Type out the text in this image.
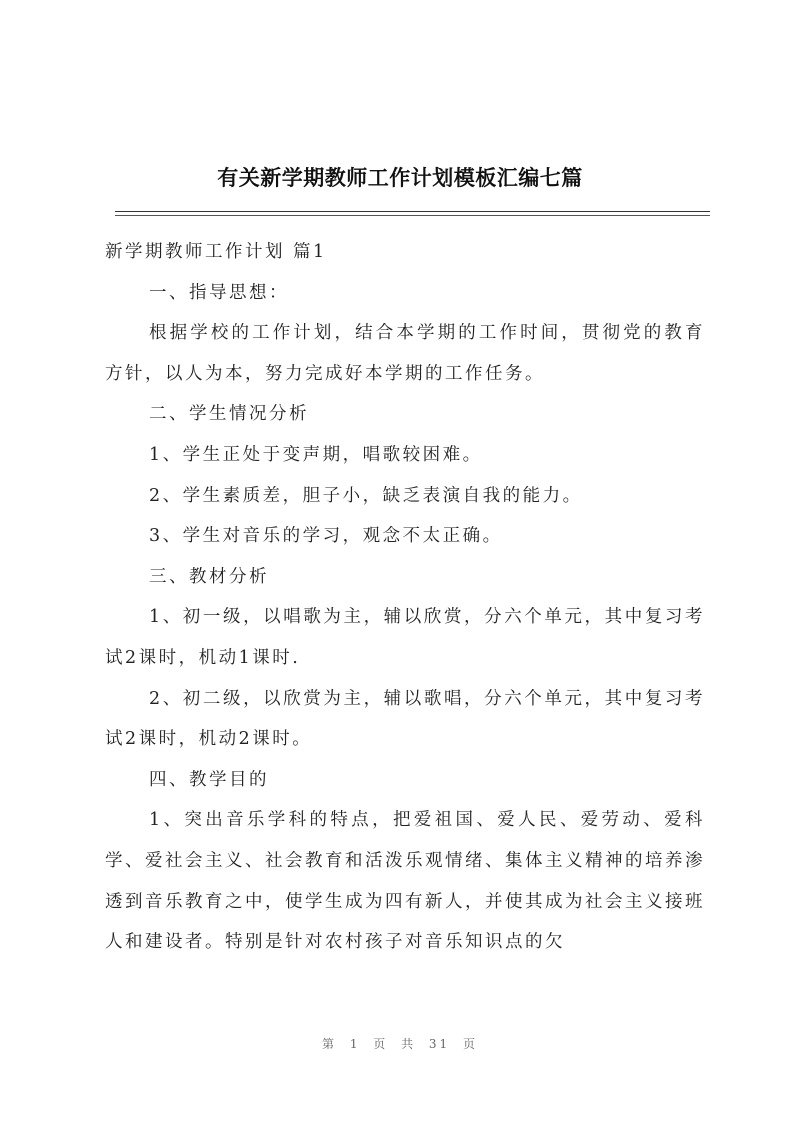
有关新学期教师工作计划模板汇编七篇

新学期教师工作计划 篇1

一、指导思想：

根据学校的工作计划，结合本学期的工作时间，贯彻党的教育方针，以人为本，努力完成好本学期的工作任务。

二、学生情况分析

1、学生正处于变声期，唱歌较困难。

2、学生素质差，胆子小，缺乏表演自我的能力。

3、学生对音乐的学习，观念不太正确。

三、教材分析

1、初一级，以唱歌为主，辅以欣赏，分六个单元，其中复习考试2课时，机动1课时.

2、初二级，以欣赏为主，辅以歌唱，分六个单元，其中复习考试2课时，机动2课时。

四、教学目的

1、突出音乐学科的特点，把爱祖国、爱人民、爱劳动、爱科学、爱社会主义、社会教育和活泼乐观情绪、集体主义精神的培养渗透到音乐教育之中，使学生成为四有新人，并使其成为社会主义接班人和建设者。特别是针对农村孩子对音乐知识点的欠

第 1 页 共 31 页
